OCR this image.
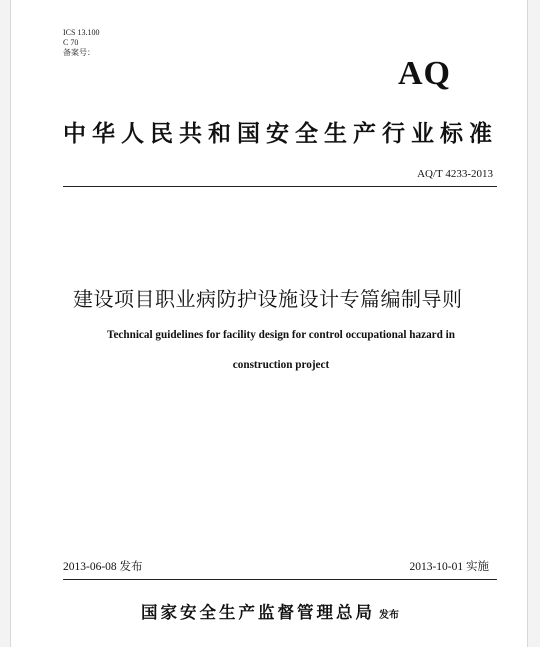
ICS 13.100
C 70
备案号：
AQ
中华人民共和国安全生产行业标准
AQ/T 4233-2013
建设项目职业病防护设施设计专篇编制导则
Technical guidelines for facility design for control occupational hazard in
construction project
2013-06-08 发布	2013-10-01 实施
国家安全生产监督管理总局 发布
